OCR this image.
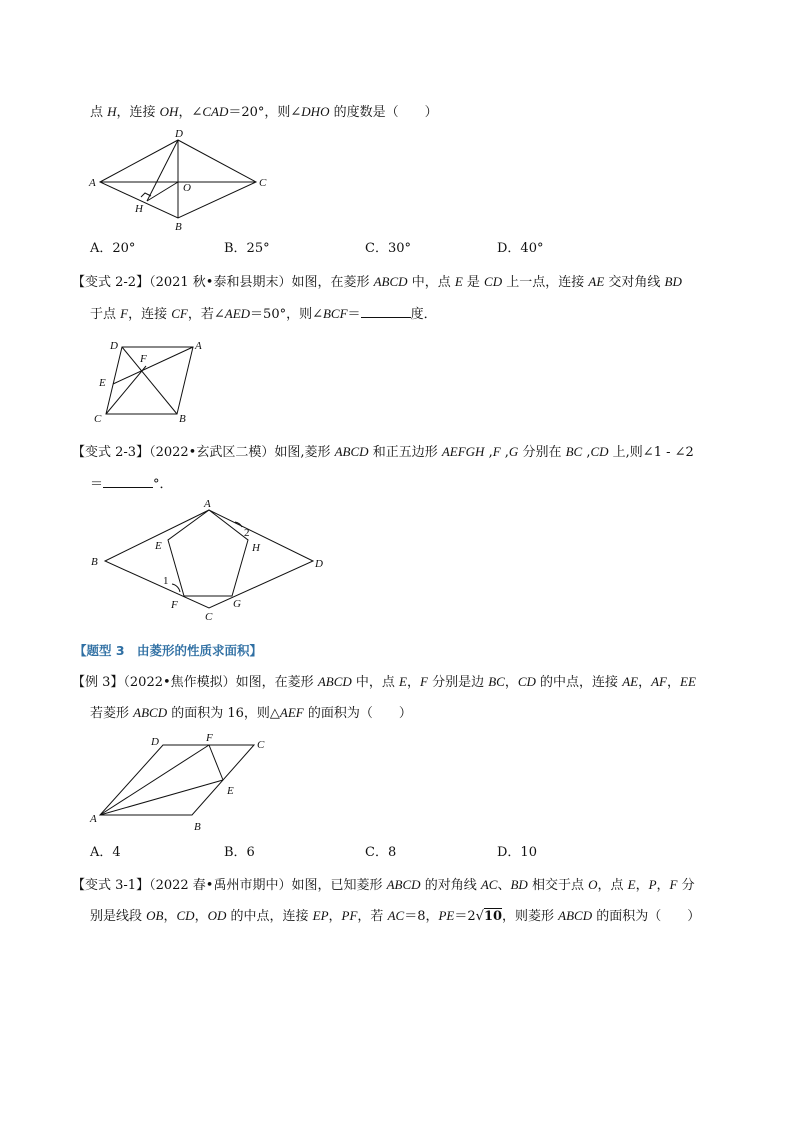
点 H，连接 OH，∠CAD＝20°，则∠DHO 的度数是（　　）
A
D
C
B
O
H
D
F
A
E
C	B
A
B
C
D
E
F	G
H
1
2
D	F
C
E
A
B
A．20°	B．25°	C．30°	D．40°
【变式 2-2】（2021 秋•泰和县期末）如图，在菱形 ABCD 中，点 E 是 CD 上一点，连接 AE 交对角线 BD
于点 F，连接 CF，若∠AED＝50°，则∠BCF＝	度．
【变式 2-3】（2022•玄武区二模）如图,菱形 ABCD 和正五边形 AEFGH ,F ,G 分别在 BC ,CD 上,则∠1 - ∠2
＝	°．
【题型 3　由菱形的性质求面积】
【例 3】（2022•焦作模拟）如图，在菱形 ABCD 中，点 E，F 分别是边 BC，CD 的中点，连接 AE，AF，EE
若菱形 ABCD 的面积为 16，则△AEF 的面积为（　　）
A．4	B．6	C．8	D．10
【变式 3-1】（2022 春•禹州市期中）如图，已知菱形 ABCD 的对角线 AC、BD 相交于点 O，点 E，P，F 分
别是线段 OB，CD，OD 的中点，连接 EP，PF，若 AC＝8，PE＝2√10，则菱形 ABCD 的面积为（　　）
